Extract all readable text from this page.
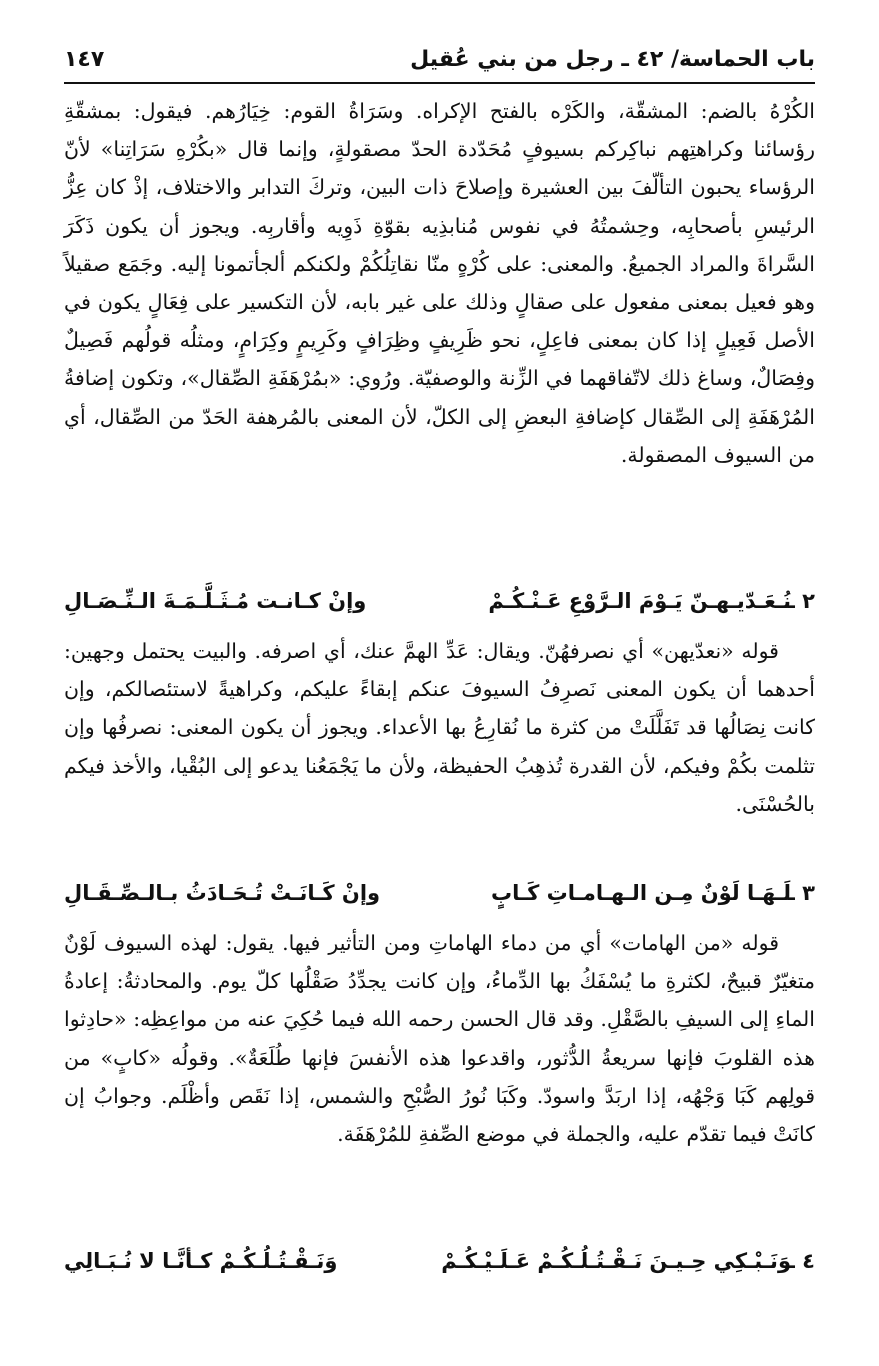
باب الحماسة/ ٤٢ ـ رجل من بني عُقيل
١٤٧

الكُرْهُ بالضم: المشقّة، والكَرْه بالفتح الإكراه. وسَرَاةُ القوم: خِيَارُهم. فيقول: بمشقّةِ رؤسائنا وكراهتِهم نباكِركم بسيوفٍ مُحَدّدة الحدّ مصقولةٍ، وإنما قال «بكُرْهِ سَرَاتِنا» لأنّ الرؤساء يحبون التألّفَ بين العشيرة وإصلاحَ ذات البين، وتركَ التدابر والاختلاف، إذْ كان عِزُّ الرئيسِ بأصحابِه، وحِشمتُهُ في نفوس مُنابذِيه بقوّةِ ذَوِيه وأقاربِه. ويجوز أن يكون ذَكَرَ السَّراةَ والمراد الجميعُ. والمعنى: على كُرْهٍ منّا نقاتِلُكُمْ ولكنكم ألجأتمونا إليه. وجَمَع صقيلاً وهو فعيل بمعنى مفعول على صقالٍ وذلك على غير بابه، لأن التكسير على فِعَالٍ يكون في الأصل فَعِيلٍ إذا كان بمعنى فاعِلٍ، نحو ظَرِيفٍ وظِرَافٍ وكَرِيمٍ وكِرَامٍ، ومثلُه قولُهم فَصِيلٌ وفِصَالٌ، وساغ ذلك لاتّفاقهما في الزِّنة والوصفيّة. ورُوي: «بمُرْهَفَةِ الصِّقال»، وتكون إضافةُ المُرْهَفَةِ إلى الصِّقال كإضافةِ البعضِ إلى الكلّ، لأن المعنى بالمُرهفة الحَدّ من الصِّقال، أي من السيوف المصقولة.

٢ ـ
نُـعَـدّيـهـنّ يَـوْمَ الـرَّوْعِ عَـنْـكُـمْ
وإنْ كـانـت مُـثَـلَّـمَـةَ الـنِّـصَـالِ

قوله «نعدّيهن» أي نصرفهُنّ. ويقال: عَدِّ الهمَّ عنك، أي اصرفه. والبيت يحتمل وجهين: أحدهما أن يكون المعنى نَصرِفُ السيوفَ عنكم إبقاءً عليكم، وكراهيةً لاستئصالكم، وإن كانت نِصَالُها قد تَفَلَّلَتْ من كثرة ما نُقارِعُ بها الأعداء. ويجوز أن يكون المعنى: نصرفُها وإن تثلمت بكُمْ وفيكم، لأن القدرة تُذهِبُ الحفيظة، ولأن ما يَجْمَعُنا يدعو إلى البُقْيا، والأخذ فيكم بالحُسْنَى.

٣ ـ
لَـهَـا لَوْنٌ مِـن الـهـامـاتِ كَـابٍ
وإنْ كَـانَـتْ تُـحَـادَثُ بـالـصِّـقَـالِ

قوله «من الهامات» أي من دماء الهاماتِ ومن التأثير فيها. يقول: لهذه السيوف لَوْنٌ متغيّرٌ قبيحٌ، لكثرةِ ما يُسْفَكُ بها الدِّماءُ، وإن كانت يجدِّدُ صَقْلُها كلّ يوم. والمحادثةُ: إعادةُ الماءِ إلى السيفِ بالصَّقْلِ. وقد قال الحسن رحمه الله فيما حُكِيَ عنه من مواعِظِه: «حادِثوا هذه القلوبَ فإنها سريعةُ الدُّثور، واقدعوا هذه الأنفسَ فإنها طُلَعَةٌ». وقولُه «كابٍ» من قولِهم كَبَا وَجْهُه، إذا اربَدَّ واسودّ. وكَبَا نُورُ الصُّبْحِ والشمس، إذا نَقَص وأظْلَم. وجوابُ إن كانَتْ فيما تقدّم عليه، والجملة في موضع الصِّفةِ للمُرْهَفَة.

٤ ـ
وَنَـبْـكِي حِـيـنَ نَـقْـتُـلُـكُـمْ عَـلَـيْـكُـمْ
وَنَـقْـتُـلُـكُـمْ كـأنَّـا لا نُـبَـالِي
